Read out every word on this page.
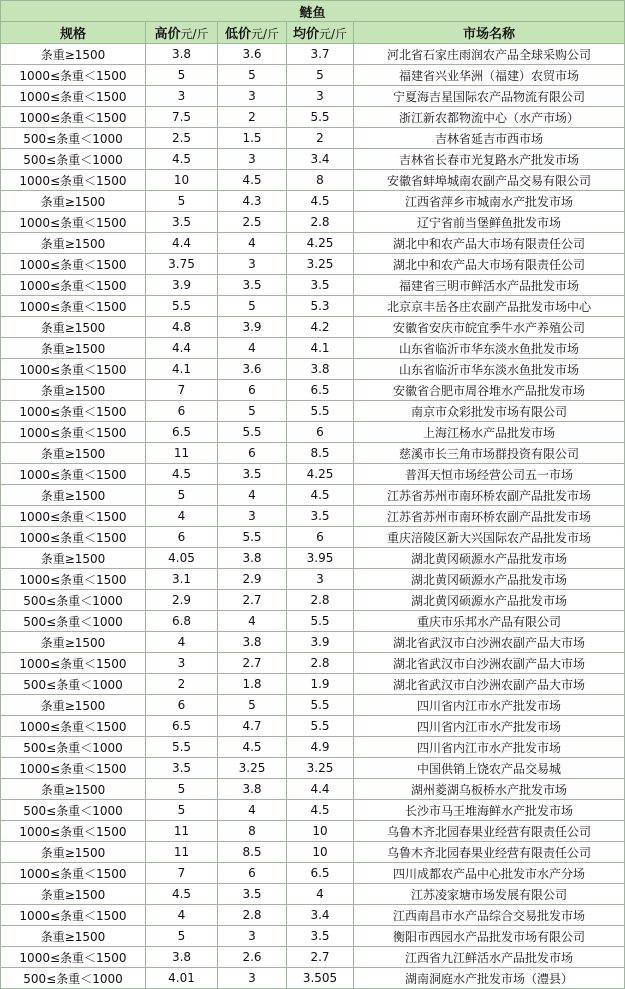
鲢鱼				
规格	高价元/斤	低价元/斤	均价元/斤	市场名称
条重≥1500	3.8	3.6	3.7	河北省石家庄雨润农产品全球采购公司
1000≤条重＜1500	5	5	5	福建省兴业华洲（福建）农贸市场
1000≤条重＜1500	3	3	3	宁夏海吉星国际农产品物流有限公司
1000≤条重＜1500	7.5	2	5.5	浙江新农都物流中心（水产市场）
500≤条重＜1000	2.5	1.5	2	吉林省延吉市西市场
500≤条重＜1000	4.5	3	3.4	吉林省长春市光复路水产批发市场
1000≤条重＜1500	10	4.5	8	安徽省蚌埠城南农副产品交易有限公司
条重≥1500	5	4.3	4.5	江西省萍乡市城南水产批发市场
1000≤条重＜1500	3.5	2.5	2.8	辽宁省前当堡鲜鱼批发市场
条重≥1500	4.4	4	4.25	湖北中和农产品大市场有限责任公司
1000≤条重＜1500	3.75	3	3.25	湖北中和农产品大市场有限责任公司
1000≤条重＜1500	3.9	3.5	3.5	福建省三明市鲜活水产品批发市场
1000≤条重＜1500	5.5	5	5.3	北京京丰岳各庄农副产品批发市场中心
条重≥1500	4.8	3.9	4.2	安徽省安庆市皖宜季牛水产养殖公司
条重≥1500	4.4	4	4.1	山东省临沂市华东淡水鱼批发市场
1000≤条重＜1500	4.1	3.6	3.8	山东省临沂市华东淡水鱼批发市场
条重≥1500	7	6	6.5	安徽省合肥市周谷堆水产品批发市场
1000≤条重＜1500	6	5	5.5	南京市众彩批发市场有限公司
1000≤条重＜1500	6.5	5.5	6	上海江杨水产品批发市场
条重≥1500	11	6	8.5	慈溪市长三角市场群投资有限公司
1000≤条重＜1500	4.5	3.5	4.25	普洱天恒市场经营公司五一市场
条重≥1500	5	4	4.5	江苏省苏州市南环桥农副产品批发市场
1000≤条重＜1500	4	3	3.5	江苏省苏州市南环桥农副产品批发市场
1000≤条重＜1500	6	5.5	6	重庆涪陵区新大兴国际农产品批发市场
条重≥1500	4.05	3.8	3.95	湖北黄冈硕源水产品批发市场
1000≤条重＜1500	3.1	2.9	3	湖北黄冈硕源水产品批发市场
500≤条重＜1000	2.9	2.7	2.8	湖北黄冈硕源水产品批发市场
500≤条重＜1000	6.8	4	5.5	重庆市乐邦水产品有限公司
条重≥1500	4	3.8	3.9	湖北省武汉市白沙洲农副产品大市场
1000≤条重＜1500	3	2.7	2.8	湖北省武汉市白沙洲农副产品大市场
500≤条重＜1000	2	1.8	1.9	湖北省武汉市白沙洲农副产品大市场
条重≥1500	6	5	5.5	四川省内江市水产批发市场
1000≤条重＜1500	6.5	4.7	5.5	四川省内江市水产批发市场
500≤条重＜1000	5.5	4.5	4.9	四川省内江市水产批发市场
1000≤条重＜1500	3.5	3.25	3.25	中国供销上饶农产品交易城
条重≥1500	5	3.8	4.4	湖州菱湖乌板桥水产批发市场
500≤条重＜1000	5	4	4.5	长沙市马王堆海鲜水产批发市场
1000≤条重＜1500	11	8	10	乌鲁木齐北园春果业经营有限责任公司
条重≥1500	11	8.5	10	乌鲁木齐北园春果业经营有限责任公司
1000≤条重＜1500	7	6	6.5	四川成都农产品中心批发市水产分场
条重≥1500	4.5	3.5	4	江苏凌家塘市场发展有限公司
1000≤条重＜1500	4	2.8	3.4	江西南昌市水产品综合交易批发市场
条重≥1500	5	3	3.5	衡阳市西园水产品批发市场有限公司
1000≤条重＜1500	3.8	2.6	2.7	江西省九江鲜活水产品批发市场
500≤条重＜1000	4.01	3	3.505	湖南洞庭水产批发市场（澧县）
